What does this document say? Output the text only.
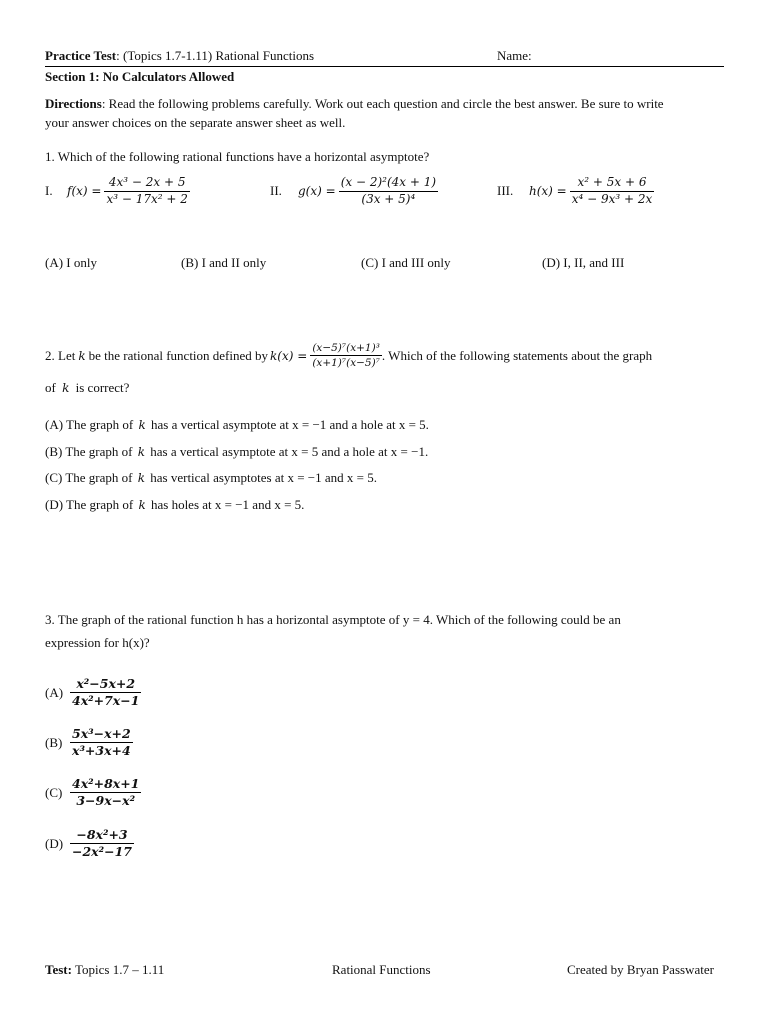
Practice Test: (Topics 1.7-1.11) Rational Functions	Name:
Section 1: No Calculators Allowed
Directions: Read the following problems carefully. Work out each question and circle the best answer. Be sure to write
your answer choices on the separate answer sheet as well.
1. Which of the following rational functions have a horizontal asymptote?
I.	$f(x) = \frac{\text{4x³ − 2x + 5}}{\text{x³ − 17x² + 2}}$	II.	$g(x) = \frac{\text{(x − 2)²(4x + 1)}}{\text{(3x + 5)⁴}}$	III.	$h(x) = \frac{\text{x² + 5x + 6}}{\text{x⁴ − 9x³ + 2x}}$
(A) I only	(B) I and II only	(C) I and III only	(D) I, II, and III
2. Let k be the rational function defined by $k(x) = \frac{\text{(x−5)⁷(x+1)³}}{\text{(x+1)⁷(x−5)⁷}}$ . Which of the following statements about the graph
of k is correct?
(A) The graph of k has a vertical asymptote at x = −1 and a hole at x = 5.
(B) The graph of k has a vertical asymptote at x = 5 and a hole at x = −1.
(C) The graph of k has vertical asymptotes at x = −1 and x = 5.
(D) The graph of k has holes at x = −1 and x = 5.
3. The graph of the rational function h has a horizontal asymptote of y = 4. Which of the following could be an
expression for h(x)?
$(A) \frac{\text{x²−5x+2}}{\text{4x²+7x−1}}$
$(B) \frac{\text{5x³−x+2}}{\text{x³+3x+4}}$
$(C) \frac{\text{4x²+8x+1}}{\text{3−9x−x²}}$
$(D) \frac{\text{−8x²+3}}{\text{−2x²−17}}$
Test: Topics 1.7 – 1.11	Rational Functions	Created by Bryan Passwater
